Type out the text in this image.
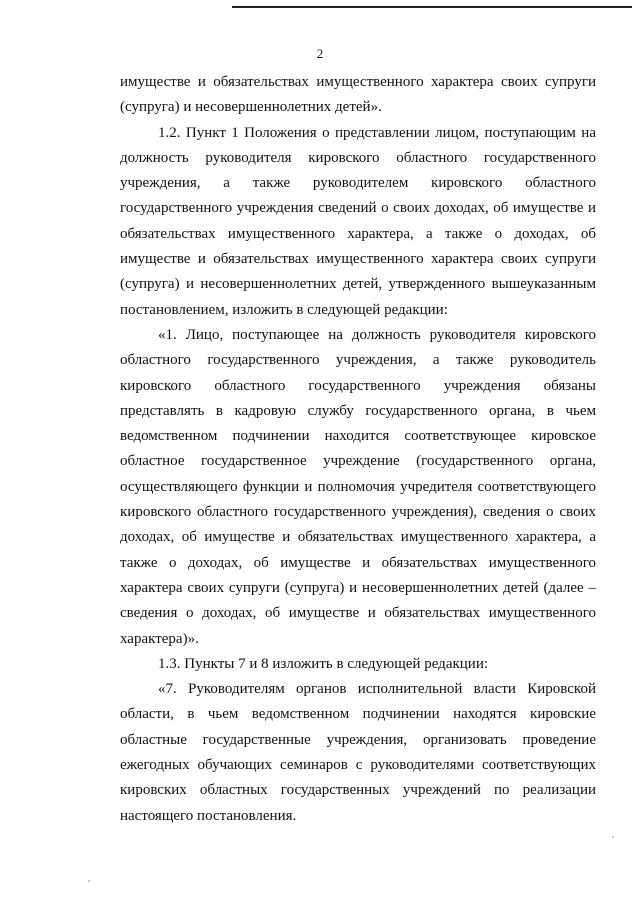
2

имуществе и обязательствах имущественного характера своих супруги (супруга) и несовершеннолетних детей».

1.2. Пункт 1 Положения о представлении лицом, поступающим на должность руководителя кировского областного государственного учреждения, а также руководителем кировского областного государственного учреждения сведений о своих доходах, об имуществе и обязательствах имущественного характера, а также о доходах, об имуществе и обязательствах имущественного характера своих супруги (супруга) и несовершеннолетних детей, утвержденного вышеуказанным постановлением, изложить в следующей редакции:

«1. Лицо, поступающее на должность руководителя кировского областного государственного учреждения, а также руководитель кировского областного государственного учреждения обязаны представлять в кадровую службу государственного органа, в чьем ведомственном подчинении находится соответствующее кировское областное государственное учреждение (государственного органа, осуществляющего функции и полномочия учредителя соответствующего кировского областного государственного учреждения), сведения о своих доходах, об имуществе и обязательствах имущественного характера, а также о доходах, об имуществе и обязательствах имущественного характера своих супруги (супруга) и несовершеннолетних детей (далее – сведения о доходах, об имуществе и обязательствах имущественного характера)».

1.3. Пункты 7 и 8 изложить в следующей редакции:

«7. Руководителям органов исполнительной власти Кировской области, в чьем ведомственном подчинении находятся кировские областные государственные учреждения, организовать проведение ежегодных обучающих семинаров с руководителями соответствующих кировских областных государственных учреждений по реализации настоящего постановления.
